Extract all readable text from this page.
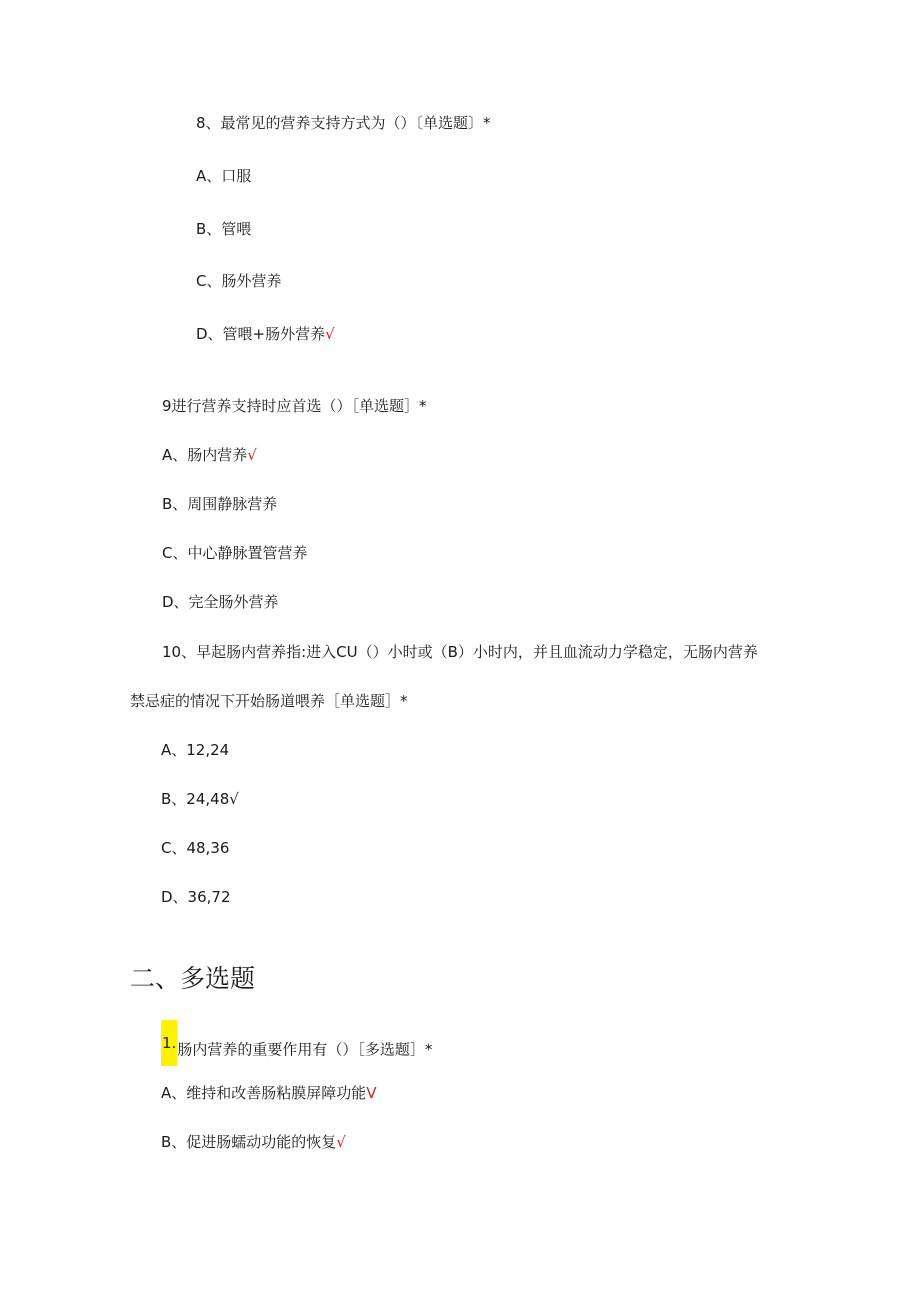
8、最常见的营养支持方式为（）〔单选题〕*
A、口服
B、管喂
C、肠外营养
D、管喂+肠外营养√
9进行营养支持时应首选（）［单选题］*
A、肠内营养√
B、周围静脉营养
C、中心静脉置管营养
D、完全肠外营养
10、早起肠内营养指:进入CU（）小时或（B）小时内，并且血流动力学稳定，无肠内营养
禁忌症的情况下开始肠道喂养［单选题］*
A、12,24
B、24,48√
C、48,36
D、36,72
二、多选题
1.肠内营养的重要作用有（）［多选题］*
A、维持和改善肠粘膜屏障功能V
B、促进肠蠕动功能的恢复√
